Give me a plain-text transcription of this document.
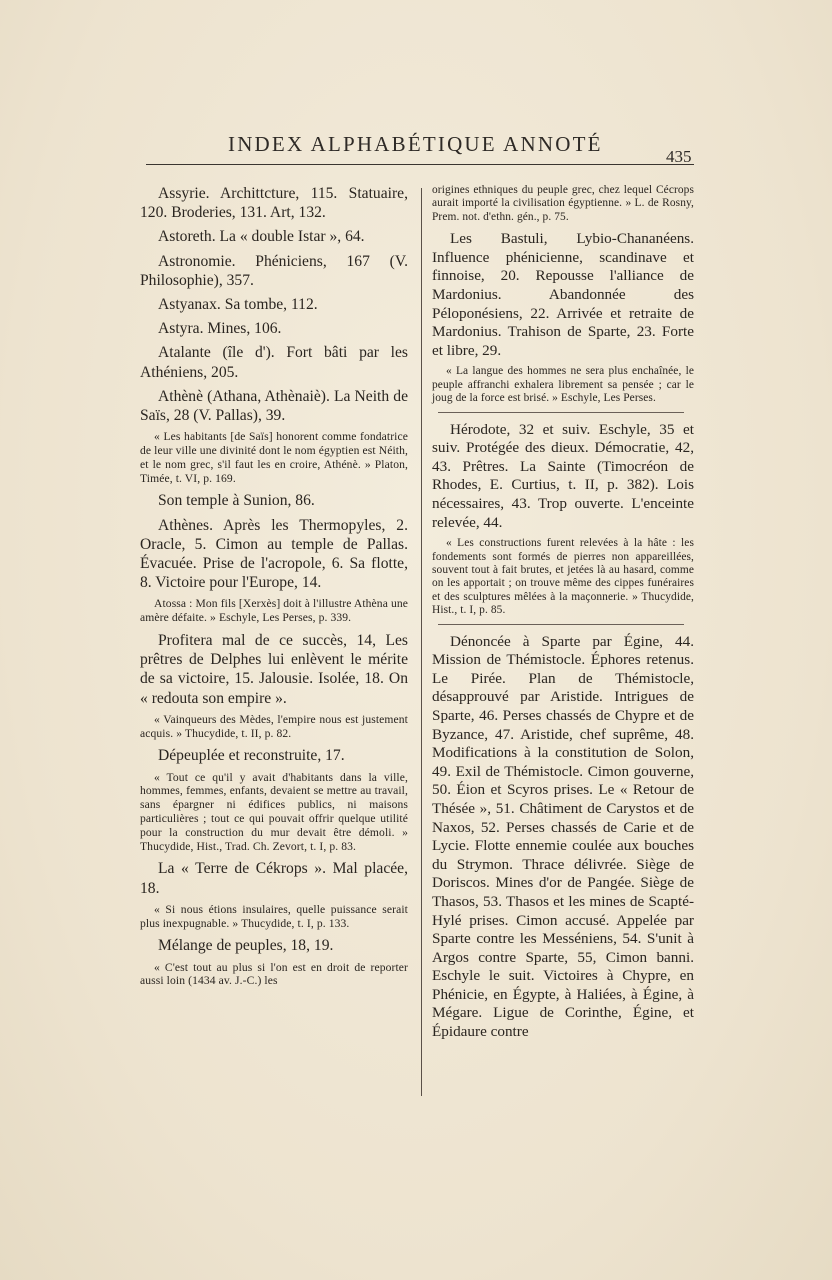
INDEX ALPHABÉTIQUE ANNOTÉ
435

Assyrie. Archittcture, 115. Statuaire, 120. Broderies, 131. Art, 132.

Astoreth. La « double Istar », 64.

Astronomie. Phéniciens, 167 (V. Philosophie), 357.

Astyanax. Sa tombe, 112.

Astyra. Mines, 106.

Atalante (île d'). Fort bâti par les Athéniens, 205.

Athènè (Athana, Athènaiè). La Neith de Saïs, 28 (V. Pallas), 39.

« Les habitants [de Saïs] honorent comme fondatrice de leur ville une divinité dont le nom égyptien est Néith, et le nom grec, s'il faut les en croire, Athénè. » Platon, Timée, t. VI, p. 169.

Son temple à Sunion, 86.

Athènes. Après les Thermopyles, 2. Oracle, 5. Cimon au temple de Pallas. Évacuée. Prise de l'acropole, 6. Sa flotte, 8. Victoire pour l'Europe, 14.

Atossa : Mon fils [Xerxès] doit à l'illustre Athèna une amère défaite. » Eschyle, Les Perses, p. 339.

Profitera mal de ce succès, 14, Les prêtres de Delphes lui enlèvent le mérite de sa victoire, 15. Jalousie. Isolée, 18. On « redouta son empire ».

« Vainqueurs des Mèdes, l'empire nous est justement acquis. » Thucydide, t. II, p. 82.

Dépeuplée et reconstruite, 17.

« Tout ce qu'il y avait d'habitants dans la ville, hommes, femmes, enfants, devaient se mettre au travail, sans épargner ni édifices publics, ni maisons particulières ; tout ce qui pouvait offrir quelque utilité pour la construction du mur devait être démoli. » Thucydide, Hist., Trad. Ch. Zevort, t. I, p. 83.

La « Terre de Cékrops ». Mal placée, 18.

« Si nous étions insulaires, quelle puissance serait plus inexpugnable. » Thucydide, t. I, p. 133.

Mélange de peuples, 18, 19.

« C'est tout au plus si l'on est en droit de reporter aussi loin (1434 av. J.-C.) les

origines ethniques du peuple grec, chez lequel Cécrops aurait importé la civilisation égyptienne. » L. de Rosny, Prem. not. d'ethn. gén., p. 75.

Les Bastuli, Lybio-Chananéens. Influence phénicienne, scandinave et finnoise, 20. Repousse l'alliance de Mardonius. Abandonnée des Péloponésiens, 22. Arrivée et retraite de Mardonius. Trahison de Sparte, 23. Forte et libre, 29.

« La langue des hommes ne sera plus enchaînée, le peuple affranchi exhalera librement sa pensée ; car le joug de la force est brisé. » Eschyle, Les Perses.

Hérodote, 32 et suiv. Eschyle, 35 et suiv. Protégée des dieux. Démocratie, 42, 43. Prêtres. La Sainte (Timocréon de Rhodes, E. Curtius, t. II, p. 382). Lois nécessaires, 43. Trop ouverte. L'enceinte relevée, 44.

« Les constructions furent relevées à la hâte : les fondements sont formés de pierres non appareillées, souvent tout à fait brutes, et jetées là au hasard, comme on les apportait ; on trouve même des cippes funéraires et des sculptures mêlées à la maçonnerie. » Thucydide, Hist., t. I, p. 85.

Dénoncée à Sparte par Égine, 44. Mission de Thémistocle. Éphores retenus. Le Pirée. Plan de Thémistocle, désapprouvé par Aristide. Intrigues de Sparte, 46. Perses chassés de Chypre et de Byzance, 47. Aristide, chef suprême, 48. Modifications à la constitution de Solon, 49. Exil de Thémistocle. Cimon gouverne, 50. Éion et Scyros prises. Le « Retour de Thésée », 51. Châtiment de Carystos et de Naxos, 52. Perses chassés de Carie et de Lycie. Flotte ennemie coulée aux bouches du Strymon. Thrace délivrée. Siège de Doriscos. Mines d'or de Pangée. Siège de Thasos, 53. Thasos et les mines de Scapté-Hylé prises. Cimon accusé. Appelée par Sparte contre les Messéniens, 54. S'unit à Argos contre Sparte, 55, Cimon banni. Eschyle le suit. Victoires à Chypre, en Phénicie, en Égypte, à Haliées, à Égine, à Mégare. Ligue de Corinthe, Égine, et Épidaure contre
